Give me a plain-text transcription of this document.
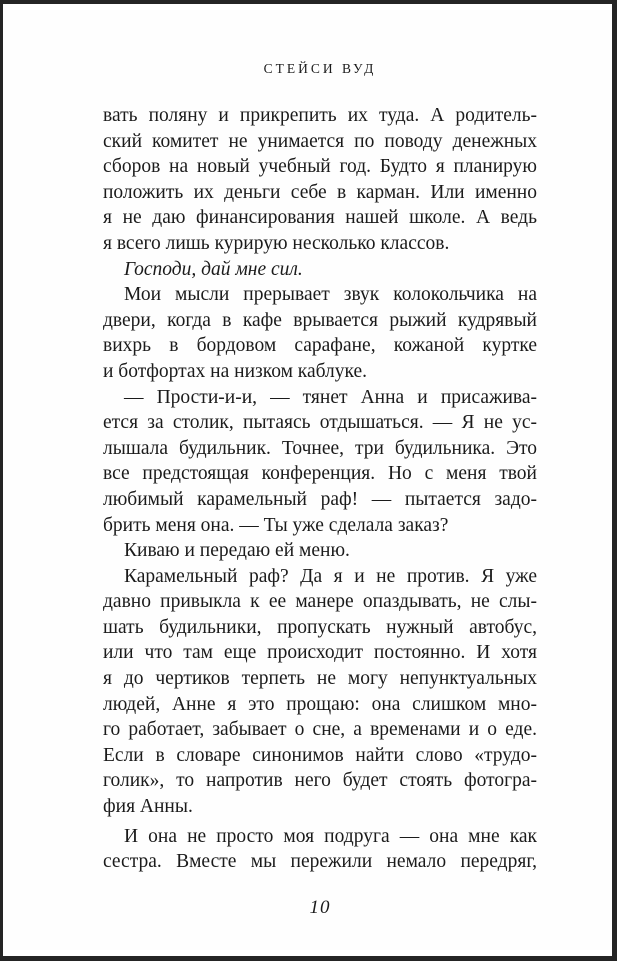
СТЕЙСИ ВУД
вать поляну и прикрепить их туда. А родитель-
ский комитет не унимается по поводу денежных
сборов на новый учебный год. Будто я планирую
положить их деньги себе в карман. Или именно
я не даю финансирования нашей школе. А ведь
я всего лишь курирую несколько классов.
Господи, дай мне сил.
Мои мысли прерывает звук колокольчика на
двери, когда в кафе врывается рыжий кудрявый
вихрь в бордовом сарафане, кожаной куртке
и ботфортах на низком каблуке.
— Прости-и-и, — тянет Анна и присажива-
ется за столик, пытаясь отдышаться. — Я не ус-
лышала будильник. Точнее, три будильника. Это
все предстоящая конференция. Но с меня твой
любимый карамельный раф! — пытается задо-
брить меня она. — Ты уже сделала заказ?
Киваю и передаю ей меню.
Карамельный раф? Да я и не против. Я уже
давно привыкла к ее манере опаздывать, не слы-
шать будильники, пропускать нужный автобус,
или что там еще происходит постоянно. И хотя
я до чертиков терпеть не могу непунктуальных
людей, Анне я это прощаю: она слишком мно-
го работает, забывает о сне, а временами и о еде.
Если в словаре синонимов найти слово «трудо-
голик», то напротив него будет стоять фотогра-
фия Анны.
И она не просто моя подруга — она мне как
сестра. Вместе мы пережили немало передряг,
10
